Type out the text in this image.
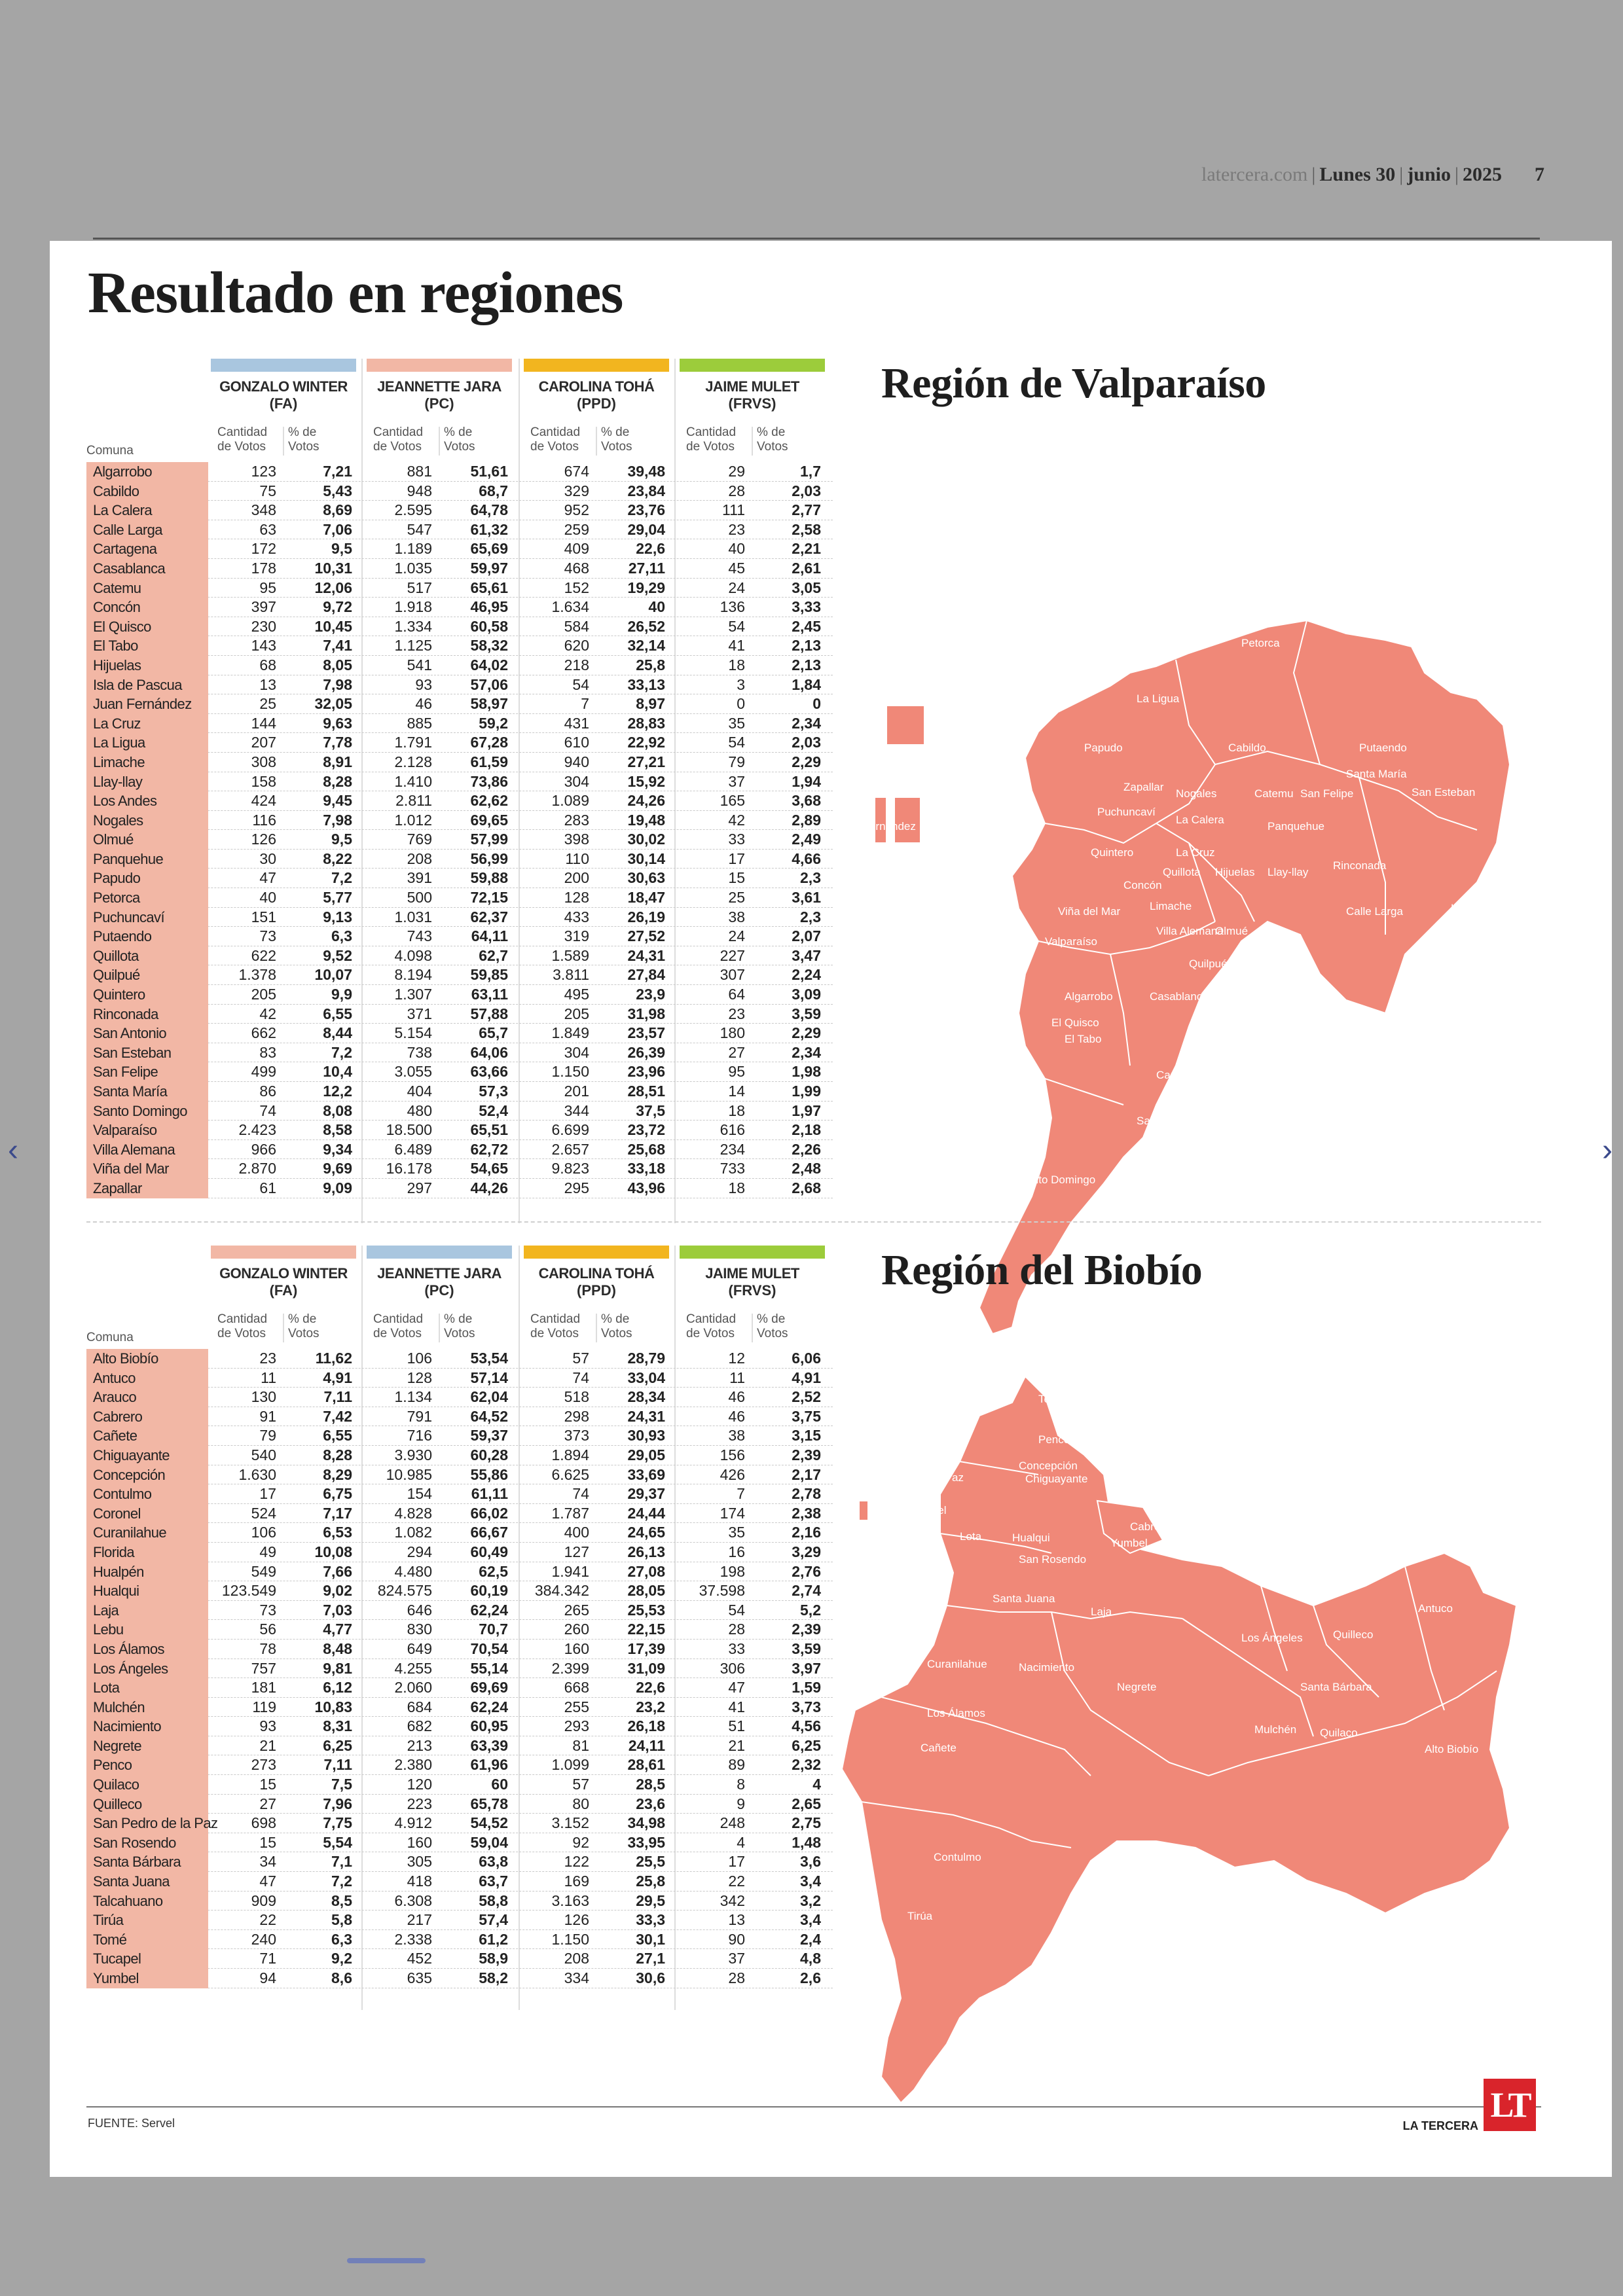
latercera.com | Lunes 30 | junio | 2025 7
Resultado en regiones
Región de Valparaíso
GONZALO WINTER
(FA)
Cantidad de Votos
% de Votos
JEANNETTE JARA
(PC)
Cantidad de Votos
% de Votos
CAROLINA TOHÁ
(PPD)
Cantidad de Votos
% de Votos
JAIME MULET
(FRVS)
Cantidad de Votos
% de Votos
Comuna
Algarrobo	123	7,21	881	51,61	674	39,48	29	1,7
Cabildo	75	5,43	948	68,7	329	23,84	28	2,03
La Calera	348	8,69	2.595	64,78	952	23,76	111	2,77
Calle Larga	63	7,06	547	61,32	259	29,04	23	2,58
Cartagena	172	9,5	1.189	65,69	409	22,6	40	2,21
Casablanca	178	10,31	1.035	59,97	468	27,11	45	2,61
Catemu	95	12,06	517	65,61	152	19,29	24	3,05
Concón	397	9,72	1.918	46,95	1.634	40	136	3,33
El Quisco	230	10,45	1.334	60,58	584	26,52	54	2,45
El Tabo	143	7,41	1.125	58,32	620	32,14	41	2,13
Hijuelas	68	8,05	541	64,02	218	25,8	18	2,13
Isla de Pascua	13	7,98	93	57,06	54	33,13	3	1,84
Juan Fernández	25	32,05	46	58,97	7	8,97	0	0
La Cruz	144	9,63	885	59,2	431	28,83	35	2,34
La Ligua	207	7,78	1.791	67,28	610	22,92	54	2,03
Limache	308	8,91	2.128	61,59	940	27,21	79	2,29
Llay-llay	158	8,28	1.410	73,86	304	15,92	37	1,94
Los Andes	424	9,45	2.811	62,62	1.089	24,26	165	3,68
Nogales	116	7,98	1.012	69,65	283	19,48	42	2,89
Olmué	126	9,5	769	57,99	398	30,02	33	2,49
Panquehue	30	8,22	208	56,99	110	30,14	17	4,66
Papudo	47	7,2	391	59,88	200	30,63	15	2,3
Petorca	40	5,77	500	72,15	128	18,47	25	3,61
Puchuncaví	151	9,13	1.031	62,37	433	26,19	38	2,3
Putaendo	73	6,3	743	64,11	319	27,52	24	2,07
Quillota	622	9,52	4.098	62,7	1.589	24,31	227	3,47
Quilpué	1.378	10,07	8.194	59,85	3.811	27,84	307	2,24
Quintero	205	9,9	1.307	63,11	495	23,9	64	3,09
Rinconada	42	6,55	371	57,88	205	31,98	23	3,59
San Antonio	662	8,44	5.154	65,7	1.849	23,57	180	2,29
San Esteban	83	7,2	738	64,06	304	26,39	27	2,34
San Felipe	499	10,4	3.055	63,66	1.150	23,96	95	1,98
Santa María	86	12,2	404	57,3	201	28,51	14	1,99
Santo Domingo	74	8,08	480	52,4	344	37,5	18	1,97
Valparaíso	2.423	8,58	18.500	65,51	6.699	23,72	616	2,18
Villa Alemana	966	9,34	6.489	62,72	2.657	25,68	234	2,26
Viña del Mar	2.870	9,69	16.178	54,65	9.823	33,18	733	2,48
Zapallar	61	9,09	297	44,26	295	43,96	18	2,68
Petorca
La Ligua
Papudo	Cabildo	Putaendo
Zapallar
Santa María
Nogales	Catemu San Felipe	San Esteban
Puchuncaví
La Calera
Panquehue
Quintero	La Cruz
Quillota Hijuelas Llay-llay
Rinconada
Concón
Calle Larga	Los Andes
Viña del Mar	Limache
Olmué
Villa Alemana
Valparaíso
Quilpué
Algarrobo	Casablanca
El Quisco
El Tabo
Cartagena
San Antonio
Santo Domingo
Isla Pascua
Juan Fernández
Región del Biobío
GONZALO WINTER
(FA)
Cantidad de Votos
% de Votos
JEANNETTE JARA
(PC)
Cantidad de Votos
% de Votos
CAROLINA TOHÁ
(PPD)
Cantidad de Votos
% de Votos
JAIME MULET
(FRVS)
Cantidad de Votos
% de Votos
Comuna
Alto Biobío	23	11,62	106	53,54	57	28,79	12	6,06
Antuco	11	4,91	128	57,14	74	33,04	11	4,91
Arauco	130	7,11	1.134	62,04	518	28,34	46	2,52
Cabrero	91	7,42	791	64,52	298	24,31	46	3,75
Cañete	79	6,55	716	59,37	373	30,93	38	3,15
Chiguayante	540	8,28	3.930	60,28	1.894	29,05	156	2,39
Concepción	1.630	8,29	10.985	55,86	6.625	33,69	426	2,17
Contulmo	17	6,75	154	61,11	74	29,37	7	2,78
Coronel	524	7,17	4.828	66,02	1.787	24,44	174	2,38
Curanilahue	106	6,53	1.082	66,67	400	24,65	35	2,16
Florida	49	10,08	294	60,49	127	26,13	16	3,29
Hualpén	549	7,66	4.480	62,5	1.941	27,08	198	2,76
Hualqui	123.549	9,02	824.575	60,19	384.342	28,05	37.598	2,74
Laja	73	7,03	646	62,24	265	25,53	54	5,2
Lebu	56	4,77	830	70,7	260	22,15	28	2,39
Los Álamos	78	8,48	649	70,54	160	17,39	33	3,59
Los Ángeles	757	9,81	4.255	55,14	2.399	31,09	306	3,97
Lota	181	6,12	2.060	69,69	668	22,6	47	1,59
Mulchén	119	10,83	684	62,24	255	23,2	41	3,73
Nacimiento	93	8,31	682	60,95	293	26,18	51	4,56
Negrete	21	6,25	213	63,39	81	24,11	21	6,25
Penco	273	7,11	2.380	61,96	1.099	28,61	89	2,32
Quilaco	15	7,5	120	60	57	28,5	8	4
Quilleco	27	7,96	223	65,78	80	23,6	9	2,65
San Pedro de la Paz	698	7,75	4.912	54,52	3.152	34,98	248	2,75
San Rosendo	15	5,54	160	59,04	92	33,95	4	1,48
Santa Bárbara	34	7,1	305	63,8	122	25,5	17	3,6
Santa Juana	47	7,2	418	63,7	169	25,8	22	3,4
Talcahuano	909	8,5	6.308	58,8	3.163	29,5	342	3,2
Tirúa	22	5,8	217	57,4	126	33,3	13	3,4
Tomé	240	6,3	2.338	61,2	1.150	30,1	90	2,4
Tucapel	71	9,2	452	58,9	208	27,1	37	4,8
Yumbel	94	8,6	635	58,2	334	30,6	28	2,6
Tomé
Talcahuano	Penco
Hualpén	Florida
Concepción
San Pedro de la Paz	Chiguayante
Coronel
Hualqui
Cabrero
Lota
Yumbel
San Rosendo
Arauco
Santa Juana
Laja
Tucapel
Antuco
Los Ángeles	Quilleco
Curanilahue	Nacimiento
Negrete	Santa Bárbara
Lebu
Los Álamos
Mulchén Quilaco
Alto Biobío
Cañete
Contulmo
Tirúa
FUENTE: Servel	LA TERCERA
LT
‹	›
